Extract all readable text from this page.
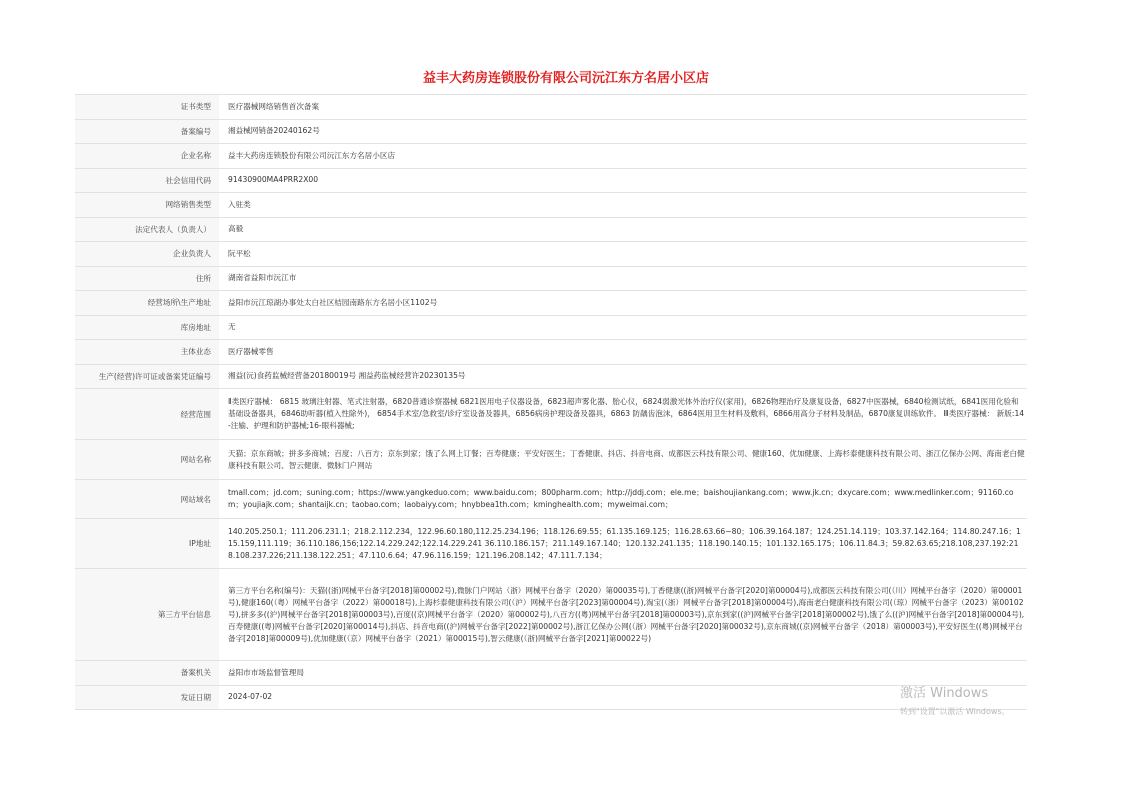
益丰大药房连锁股份有限公司沅江东方名居小区店
证书类型	医疗器械网络销售首次备案
备案编号	湘益械网销备20240162号
企业名称	益丰大药房连锁股份有限公司沅江东方名居小区店
社会信用代码	91430900MA4PRR2X00
网络销售类型	入驻类
法定代表人（负责人）	高毅
企业负责人	阮平松
住所	湖南省益阳市沅江市
经营场所\生产地址	益阳市沅江琼湖办事处太白社区桔园南路东方名居小区1102号
库房地址	无
主体业态	医疗器械零售
生产(经营)许可证或备案凭证编号	湘益(沅)食药监械经营备20180019号 湘益药监械经营许20230135号
经营范围	Ⅱ类医疗器械： 6815 玻璃注射器、笔式注射器，6820普通诊察器械 6821医用电子仪器设备，6823超声雾化器、胎心仪，6824弱激光体外治疗仪(家用)，6826物理治疗及康复设备，6827中医器械，6840检测试纸，6841医用化验和基础设备器具，6846助听器(植入性除外)， 6854手术室/急救室/诊疗室设备及器具，6856病房护理设备及器具，6863 防龋齿泡沫，6864医用卫生材料及敷料，6866用高分子材料及制品，6870康复训练软件。 Ⅲ类医疗器械： 新版:14-注输、护理和防护器械;16-眼科器械;
网站名称	天猫；京东商城；拼多多商城；百度；八百方；京东到家；饿了么网上订餐；百寿健康；平安好医生；丁香健康、抖店、抖音电商、成都医云科技有限公司、健康160、优加健康、上海杉泰健康科技有限公司、浙江亿保办公网、海南老白健康科技有限公司、智云健康、微脉门户网站
网站域名	tmall.com；jd.com；suning.com；https://www.yangkeduo.com；www.baidu.com；800pharm.com；http://jddj.com；ele.me；baishoujiankang.com；www.jk.cn；dxycare.com；www.medlinker.com；91160.com；youjiajk.com；shantaijk.cn；taobao.com；laobaiyy.com；hnybbea1th.com；kminghealth.com；myweimai.com；
IP地址	140.205.250.1；111.206.231.1；218.2.112.234，122.96.60.180,112.25.234.196；118.126.69.55；61.135.169.125；116.28.63.66~80；106.39.164.187；124.251.14.119；103.37.142.164；114.80.247.16；115.159,111.119；36.110.186,156;122.14.229.242;122.14.229.241 36.110.186.157；211.149.167.140；120.132.241.135；118.190.140.15；101.132.165.175；106.11.84.3；59.82.63.65;218.108,237.192:218.108.237.226;211.138.122.251；47.110.6.64；47.96.116.159；121.196.208.142；47.111.7.134；
第三方平台信息	第三方平台名称(编号)：天猫((浙)网械平台备字[2018]第00002号),微脉门户网站（浙）网械平台备字（2020）第00035号),丁香健康((浙)网械平台备字[2020]第00004号),成都医云科技有限公司(（川）网械平台备字（2020）第00001号),健康160(（粤）网械平台备字（2022）第00018号),上海杉泰健康科技有限公司(（沪）网械平台备字[2023]第00004号),淘宝(（浙）网械平台备字[2018]第00004号),海南老白健康科技有限公司(（琼）网械平台备字（2023）第00102号),拼多多((沪)网械平台备字[2018]第00003号),百度((京)网械平台备字（2020）第00002号),八百方((粤)网械平台备字[2018]第00003号),京东到家((沪)网械平台备字[2018]第00002号),饿了么((沪)网械平台备字[2018]第00004号),百寿健康((粤)网械平台备字[2020]第00014号),抖店、抖音电商((沪)网械平台备字[2022]第00002号),浙江亿保办公网(（浙）网械平台备字[2020]第00032号),京东商城((京)网械平台备字（2018）第00003号),平安好医生((粤)网械平台备字[2018]第00009号),优加健康(（京）网械平台备字（2021）第00015号),智云健康(（浙)网械平台备字[2021]第00022号)
备案机关	益阳市市场监督管理局
发证日期	2024-07-02	激活 Windows
转到"设置"以激活 Windows。
